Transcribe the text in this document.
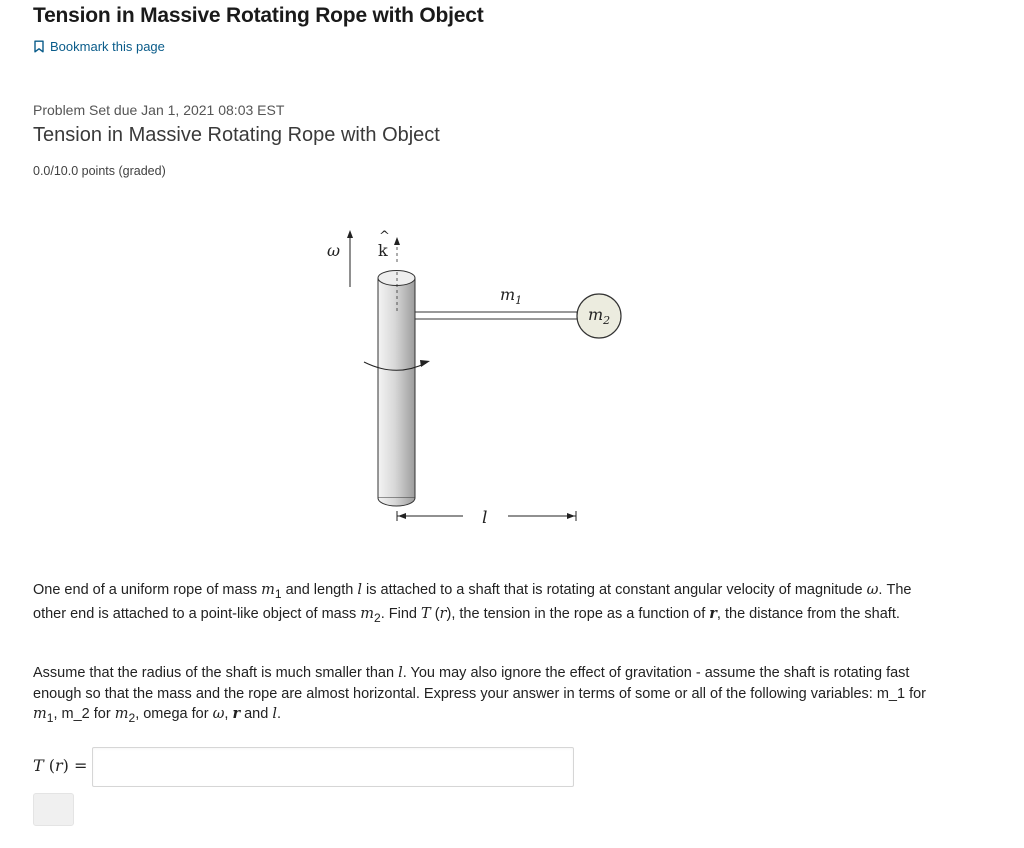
Tension in Massive Rotating Rope with Object
Bookmark this page
Problem Set due Jan 1, 2021 08:03 EST
Tension in Massive Rotating Rope with Object
0.0/10.0 points (graded)
ω k
^
$m_1$
$m_2$
l

One end of a uniform rope of mass $m_1$ and length l is attached to a shaft that is rotating at constant angular velocity of magnitude ω. The other end is attached to a point-like object of mass $m_2$. Find T (r), the tension in the rope as a function of r, the distance from the shaft.

Assume that the radius of the shaft is much smaller than l. You may also ignore the effect of gravitation - assume the shaft is rotating fast enough so that the mass and the rope are almost horizontal. Express your answer in terms of some or all of the following variables: m_1 for $m_1$, m_2 for $m_2$, omega for ω, r and l.

T (r) =
